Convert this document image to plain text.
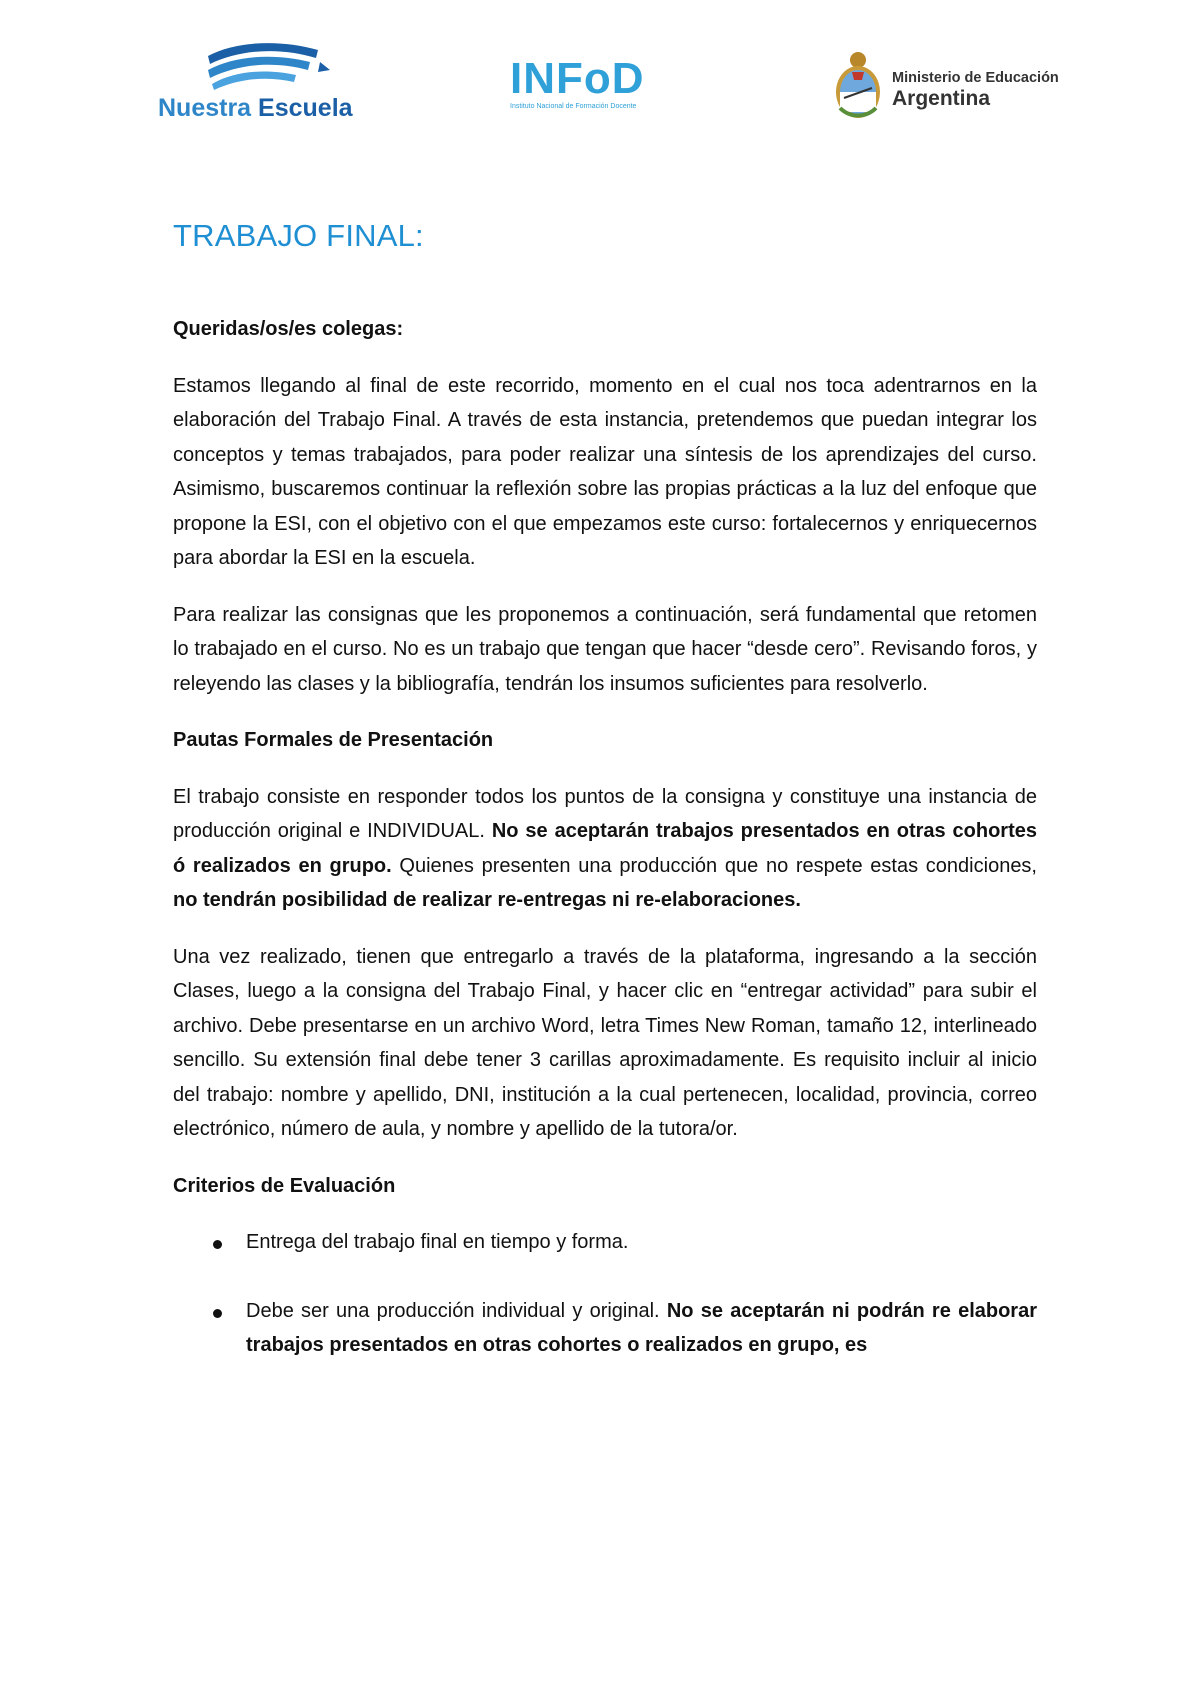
Nuestra Escuela
INFoD
Instituto Nacional de Formación Docente
Ministerio de Educación
Argentina
TRABAJO FINAL:

Queridas/os/es colegas:

Estamos llegando al final de este recorrido, momento en el cual nos toca adentrarnos en la elaboración del Trabajo Final. A través de esta instancia, pretendemos que puedan integrar los conceptos y temas trabajados, para poder realizar una síntesis de los aprendizajes del curso. Asimismo, buscaremos continuar la reflexión sobre las propias prácticas a la luz del enfoque que propone la ESI, con el objetivo con el que empezamos este curso: fortalecernos y enriquecernos para abordar la ESI en la escuela.

Para realizar las consignas que les proponemos a continuación, será fundamental que retomen lo trabajado en el curso. No es un trabajo que tengan que hacer “desde cero”. Revisando foros, y releyendo las clases y la bibliografía, tendrán los insumos suficientes para resolverlo.

Pautas Formales de Presentación

El trabajo consiste en responder todos los puntos de la consigna y constituye una instancia de producción original e INDIVIDUAL. No se aceptarán trabajos presentados en otras cohortes ó realizados en grupo. Quienes presenten una producción que no respete estas condiciones, no tendrán posibilidad de realizar re-entregas ni re-elaboraciones.

Una vez realizado, tienen que entregarlo a través de la plataforma, ingresando a la sección Clases, luego a la consigna del Trabajo Final, y hacer clic en “entregar actividad” para subir el archivo. Debe presentarse en un archivo Word, letra Times New Roman, tamaño 12, interlineado sencillo. Su extensión final debe tener 3 carillas aproximadamente. Es requisito incluir al inicio del trabajo: nombre y apellido, DNI, institución a la cual pertenecen, localidad, provincia, correo electrónico, número de aula, y nombre y apellido de la tutora/or.

Criterios de Evaluación

Entrega del trabajo final en tiempo y forma.
Debe ser una producción individual y original. No se aceptarán ni podrán re elaborar trabajos presentados en otras cohortes o realizados en grupo, es
